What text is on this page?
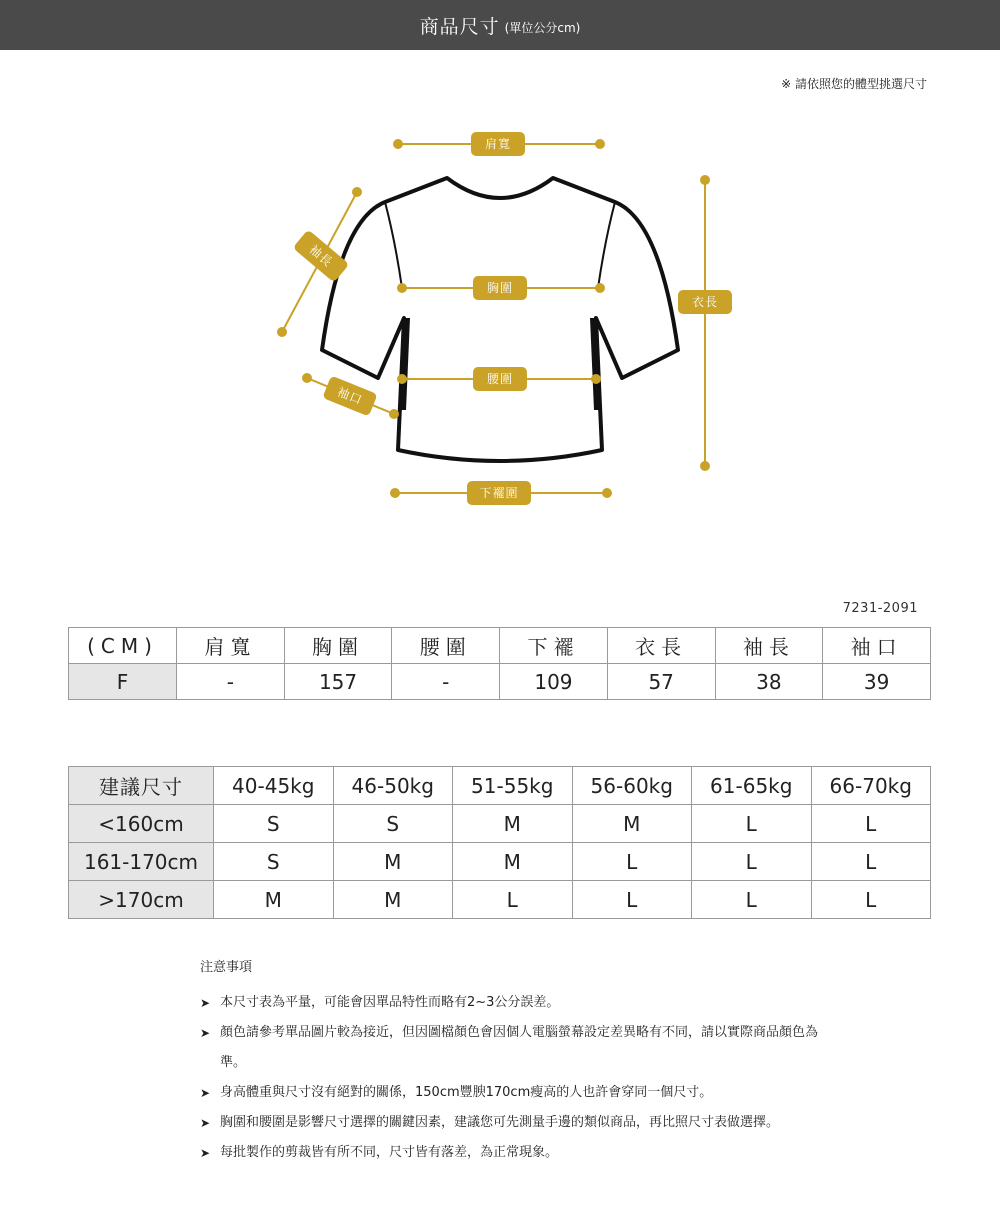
商品尺寸 (單位公分cm)
※ 請依照您的體型挑選尺寸
肩寬
袖長
胸圍
衣長
腰圍
袖口
下襬圍
7231-2091
(CM)	肩寬	胸圍	腰圍	下襬	衣長	袖長	袖口
F	-	157	-	109	57	38	39
建議尺寸	40-45kg	46-50kg	51-55kg	56-60kg	61-65kg	66-70kg
<160cm	S	S	M	M	L	L
161-170cm	S	M	M	L	L	L
>170cm	M	M	L	L	L	L
注意事項
➤ 本尺寸表為平量，可能會因單品特性而略有2~3公分誤差。
➤ 顏色請參考單品圖片較為接近，但因圖檔顏色會因個人電腦螢幕設定差異略有不同，請以實際商品顏色為準。
➤ 身高體重與尺寸沒有絕對的關係，150cm豐腴170cm瘦高的人也許會穿同一個尺寸。
➤ 胸圍和腰圍是影響尺寸選擇的關鍵因素，建議您可先測量手邊的類似商品，再比照尺寸表做選擇。
➤ 每批製作的剪裁皆有所不同，尺寸皆有落差，為正常現象。
